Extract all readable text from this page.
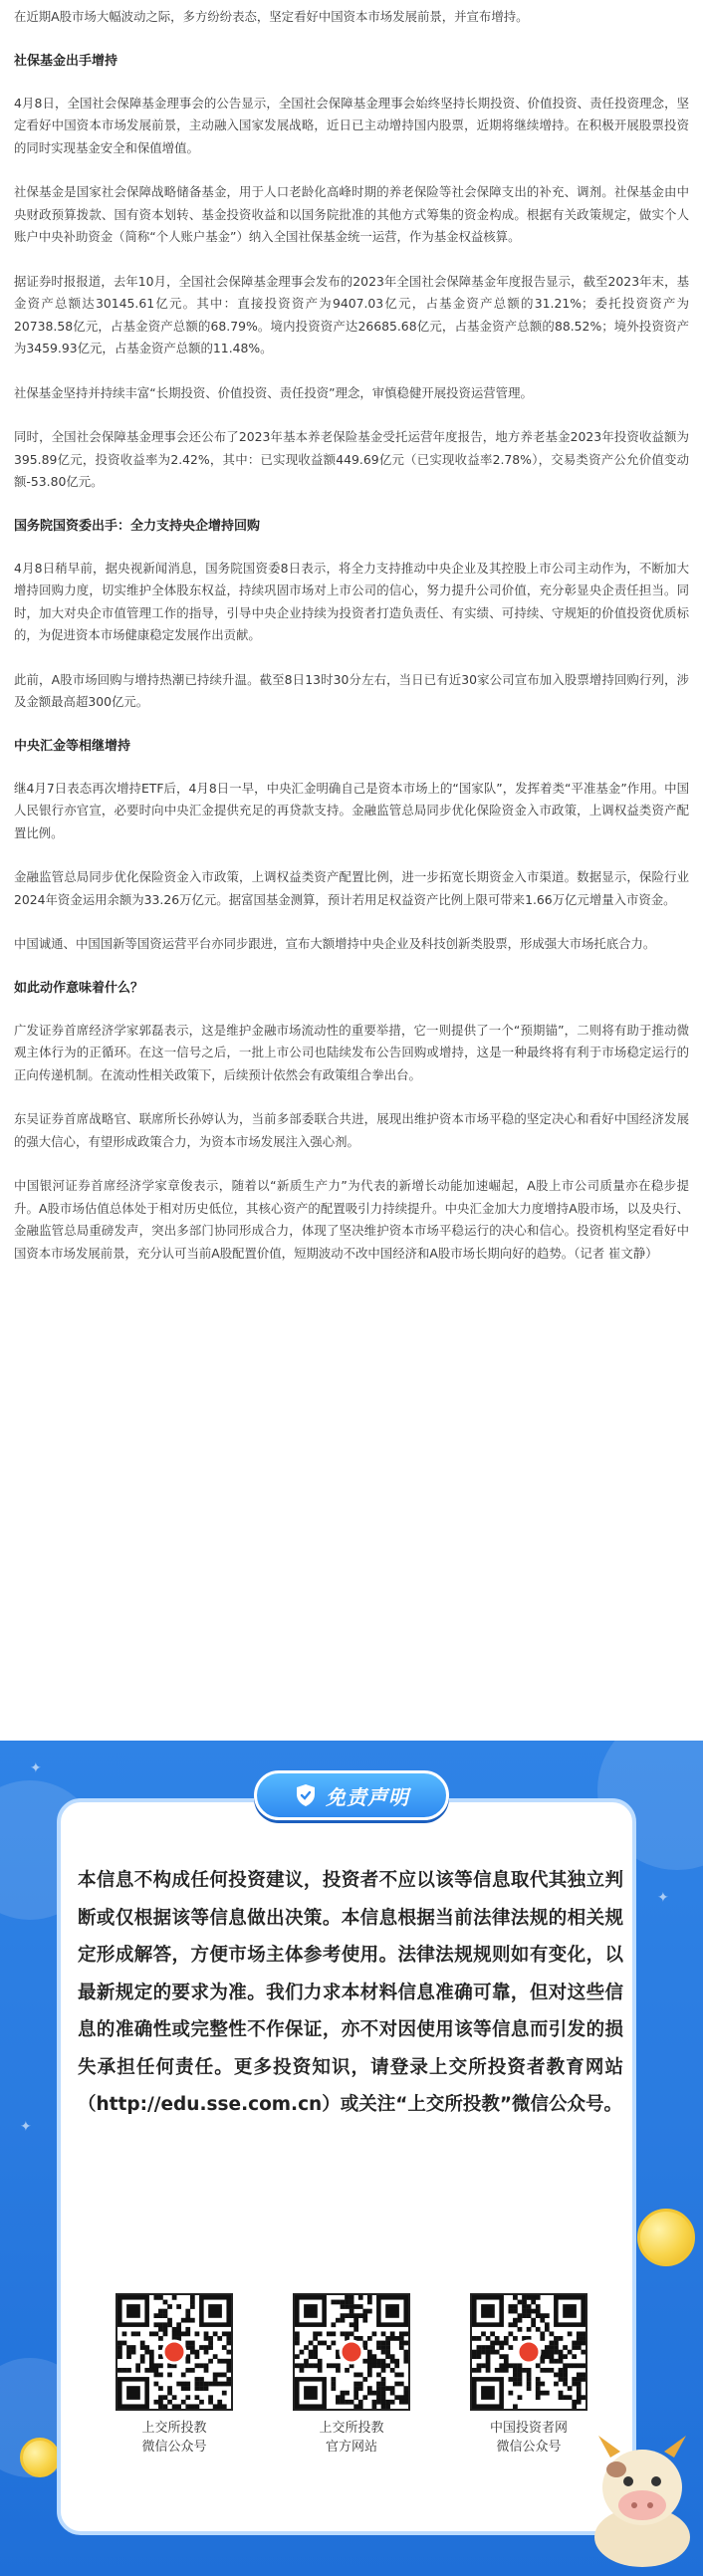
在近期A股市场大幅波动之际，多方纷纷表态，坚定看好中国资本市场发展前景，并宣布增持。

社保基金出手增持

4月8日，全国社会保障基金理事会的公告显示，全国社会保障基金理事会始终坚持长期投资、价值投资、责任投资理念，坚定看好中国资本市场发展前景，主动融入国家发展战略，近日已主动增持国内股票，近期将继续增持。在积极开展股票投资的同时实现基金安全和保值增值。

社保基金是国家社会保障战略储备基金，用于人口老龄化高峰时期的养老保险等社会保障支出的补充、调剂。社保基金由中央财政预算拨款、国有资本划转、基金投资收益和以国务院批准的其他方式筹集的资金构成。根据有关政策规定，做实个人账户中央补助资金（简称“个人账户基金”）纳入全国社保基金统一运营，作为基金权益核算。

据证券时报报道，去年10月，全国社会保障基金理事会发布的2023年全国社会保障基金年度报告显示，截至2023年末，基金资产总额达30145.61亿元。其中：直接投资资产为9407.03亿元，占基金资产总额的31.21%；委托投资资产为20738.58亿元，占基金资产总额的68.79%。境内投资资产达26685.68亿元，占基金资产总额的88.52%；境外投资资产为3459.93亿元，占基金资产总额的11.48%。

社保基金坚持并持续丰富“长期投资、价值投资、责任投资”理念，审慎稳健开展投资运营管理。

同时，全国社会保障基金理事会还公布了2023年基本养老保险基金受托运营年度报告，地方养老基金2023年投资收益额为395.89亿元，投资收益率为2.42%，其中：已实现收益额449.69亿元（已实现收益率2.78%），交易类资产公允价值变动额-53.80亿元。

国务院国资委出手：全力支持央企增持回购

4月8日稍早前，据央视新闻消息，国务院国资委8日表示，将全力支持推动中央企业及其控股上市公司主动作为，不断加大增持回购力度，切实维护全体股东权益，持续巩固市场对上市公司的信心，努力提升公司价值，充分彰显央企责任担当。同时，加大对央企市值管理工作的指导，引导中央企业持续为投资者打造负责任、有实绩、可持续、守规矩的价值投资优质标的，为促进资本市场健康稳定发展作出贡献。

此前，A股市场回购与增持热潮已持续升温。截至8日13时30分左右，当日已有近30家公司宣布加入股票增持回购行列，涉及金额最高超300亿元。

中央汇金等相继增持

继4月7日表态再次增持ETF后，4月8日一早，中央汇金明确自己是资本市场上的“国家队”，发挥着类“平准基金”作用。中国人民银行亦官宣，必要时向中央汇金提供充足的再贷款支持。金融监管总局同步优化保险资金入市政策，上调权益类资产配置比例。

金融监管总局同步优化保险资金入市政策，上调权益类资产配置比例，进一步拓宽长期资金入市渠道。数据显示，保险行业2024年资金运用余额为33.26万亿元。据富国基金测算，预计若用足权益资产比例上限可带来1.66万亿元增量入市资金。

中国诚通、中国国新等国资运营平台亦同步跟进，宣布大额增持中央企业及科技创新类股票，形成强大市场托底合力。

如此动作意味着什么？

广发证券首席经济学家郭磊表示，这是维护金融市场流动性的重要举措，它一则提供了一个“预期锚”，二则将有助于推动微观主体行为的正循环。在这一信号之后，一批上市公司也陆续发布公告回购或增持，这是一种最终将有利于市场稳定运行的正向传递机制。在流动性相关政策下，后续预计依然会有政策组合拳出台。

东吴证券首席战略官、联席所长孙婷认为，当前多部委联合共进，展现出维护资本市场平稳的坚定决心和看好中国经济发展的强大信心，有望形成政策合力，为资本市场发展注入强心剂。

中国银河证券首席经济学家章俊表示，随着以“新质生产力”为代表的新增长动能加速崛起，A股上市公司质量亦在稳步提升。A股市场估值总体处于相对历史低位，其核心资产的配置吸引力持续提升。中央汇金加大力度增持A股市场，以及央行、金融监管总局重磅发声，突出多部门协同形成合力，体现了坚决维护资本市场平稳运行的决心和信心。投资机构坚定看好中国资本市场发展前景，充分认可当前A股配置价值，短期波动不改中国经济和A股市场长期向好的趋势。（记者 崔文静）

✦
✦
✦
免责声明

本信息不构成任何投资建议，投资者不应以该等信息取代其独立判断或仅根据该等信息做出决策。本信息根据当前法律法规的相关规定形成解答，方便市场主体参考使用。法律法规规则如有变化，以最新规定的要求为准。我们力求本材料信息准确可靠，但对这些信息的准确性或完整性不作保证，亦不对因使用该等信息而引发的损失承担任何责任。更多投资知识，请登录上交所投资者教育网站（http://edu.sse.com.cn）或关注“上交所投教”微信公众号。

上交所投教
微信公众号
上交所投教
官方网站
中国投资者网
微信公众号
